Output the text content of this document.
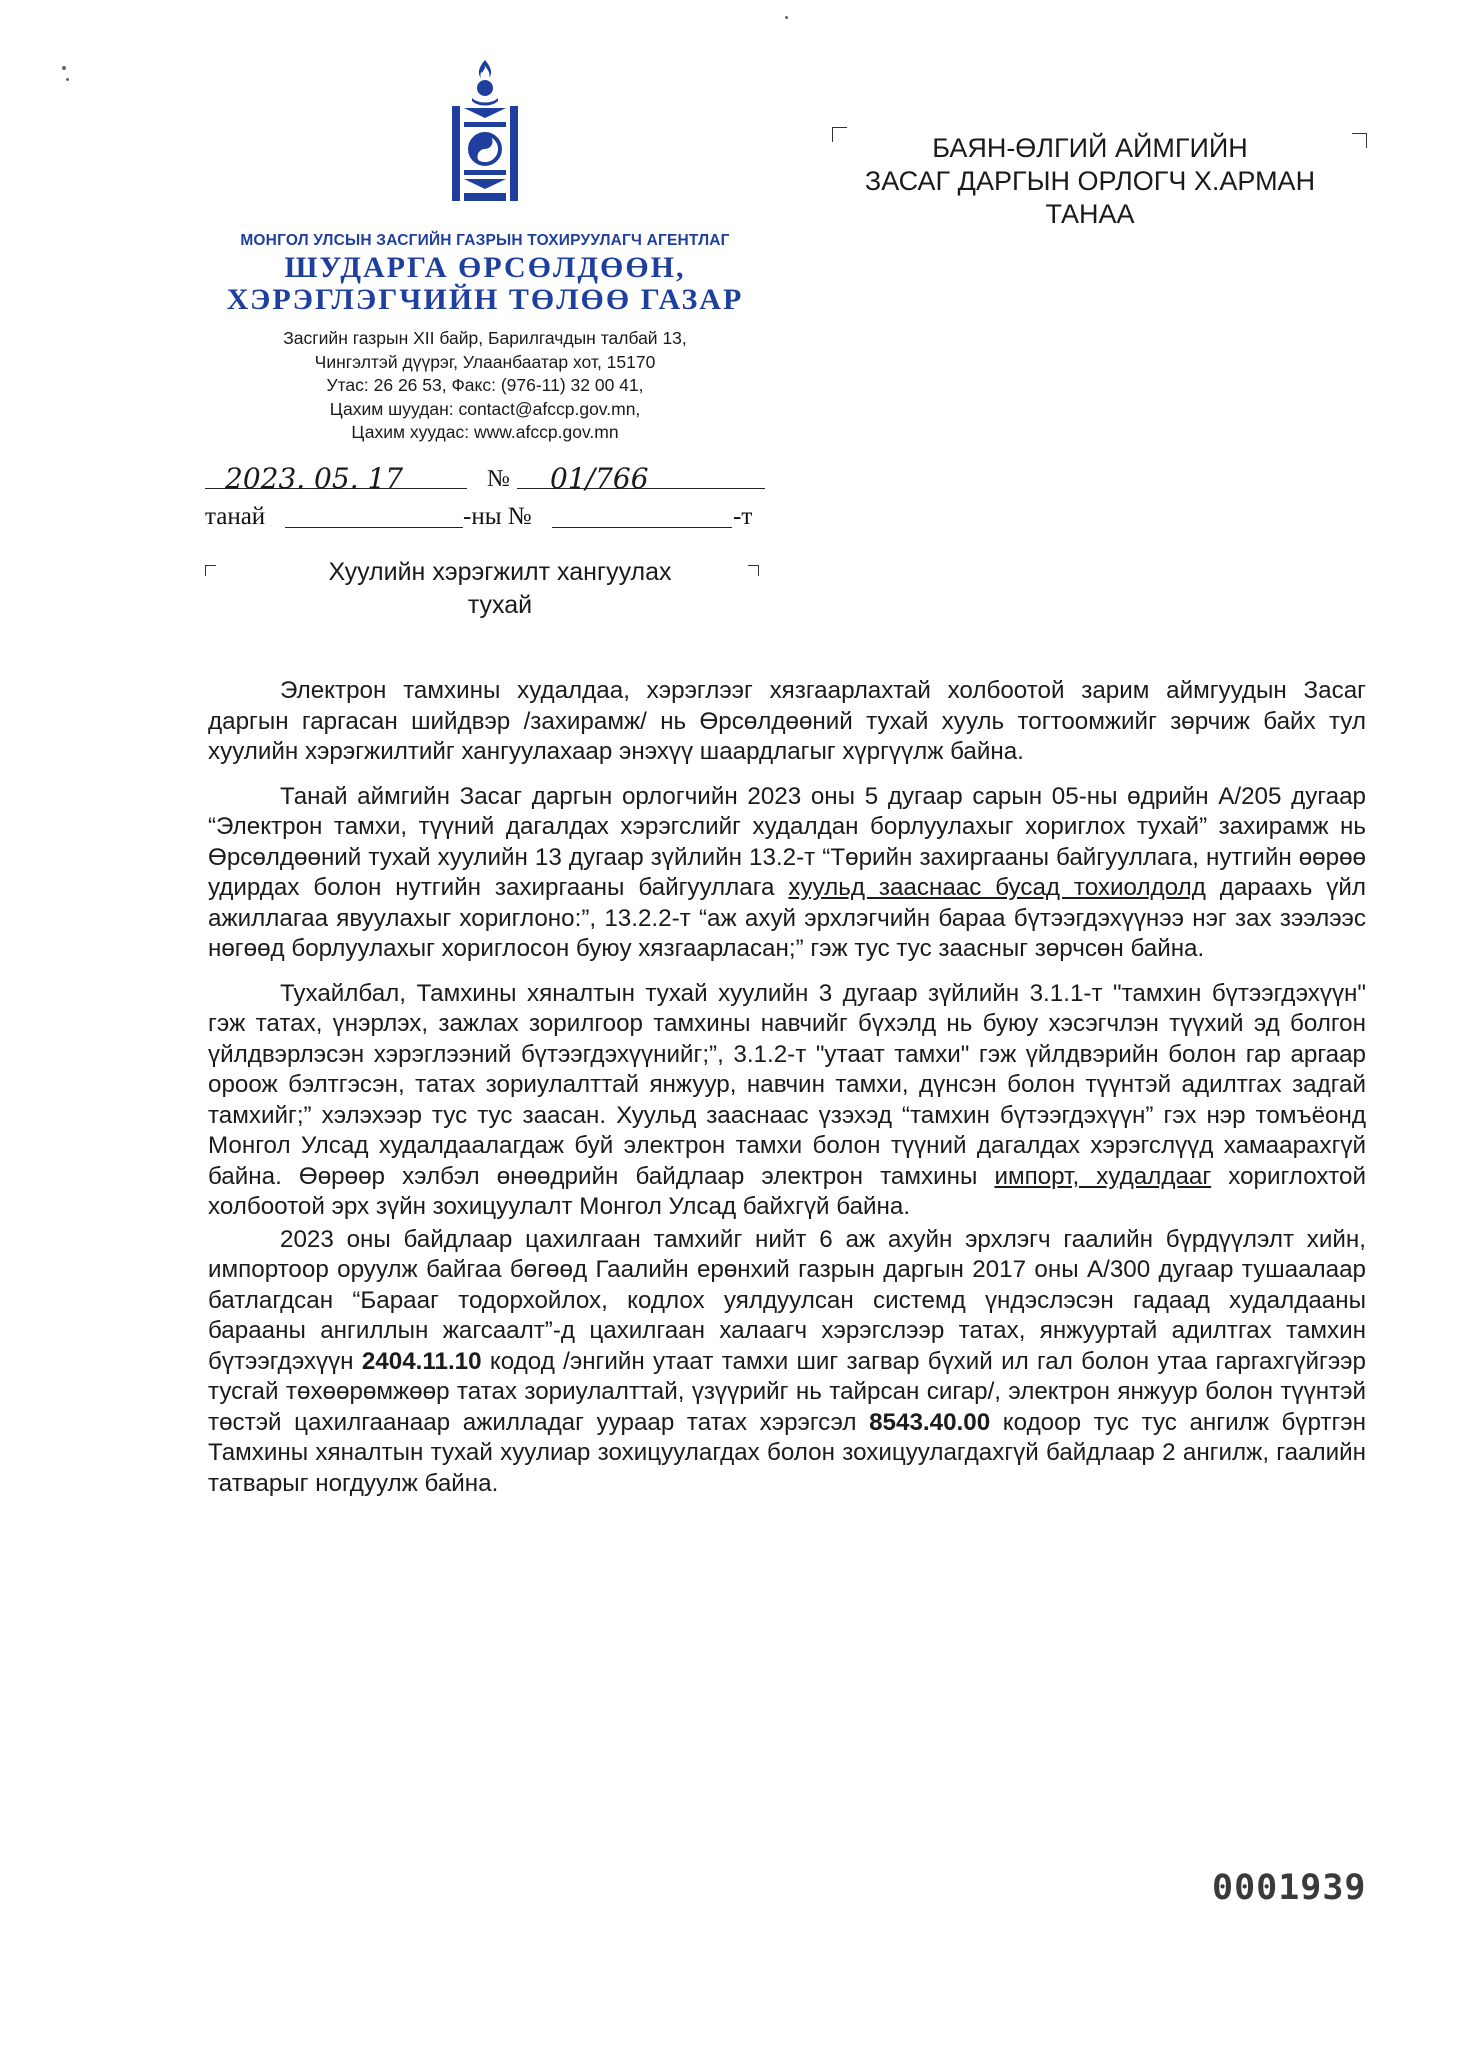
МОНГОЛ УЛСЫН ЗАСГИЙН ГАЗРЫН ТОХИРУУЛАГЧ АГЕНТЛАГ
ШУДАРГА ӨРСӨЛДӨӨН,
ХЭРЭГЛЭГЧИЙН ТӨЛӨӨ ГАЗАР
Засгийн газрын XII байр, Барилгачдын талбай 13,
Чингэлтэй дүүрэг, Улаанбаатар хот, 15170
Утас: 26 26 53, Факс: (976-11) 32 00 41,
Цахим шуудан: contact@afccp.gov.mn,
Цахим хуудас: www.afccp.gov.mn
БАЯН-ӨЛГИЙ АЙМГИЙН
ЗАСАГ ДАРГЫН ОРЛОГЧ Х.АРМАН
ТАНАА
2023. 05. 17	№ 01/766
танай	-ны №	-т
Хуулийн хэрэгжилт хангуулах
тухай

Электрон тамхины худалдаа, хэрэглээг хязгаарлахтай холбоотой зарим аймгуудын Засаг даргын гаргасан шийдвэр /захирамж/ нь Өрсөлдөөний тухай хууль тогтоомжийг зөрчиж байх тул хуулийн хэрэгжилтийг хангуулахаар энэхүү шаардлагыг хүргүүлж байна.

Танай аймгийн Засаг даргын орлогчийн 2023 оны 5 дугаар сарын 05-ны өдрийн А/205 дугаар “Электрон тамхи, түүний дагалдах хэрэгслийг худалдан борлуулахыг хориглох тухай” захирамж нь Өрсөлдөөний тухай хуулийн 13 дугаар зүйлийн 13.2-т “Төрийн захиргааны байгууллага, нутгийн өөрөө удирдах болон нутгийн захиргааны байгууллага хуульд зааснаас бусад тохиолдолд дараахь үйл ажиллагаа явуулахыг хориглоно:”, 13.2.2-т “аж ахуй эрхлэгчийн бараа бүтээгдэхүүнээ нэг зах зээлээс нөгөөд борлуулахыг хориглосон буюу хязгаарласан;” гэж тус тус заасныг зөрчсөн байна.

Тухайлбал, Тамхины хяналтын тухай хуулийн 3 дугаар зүйлийн 3.1.1-т "тамхин бүтээгдэхүүн" гэж татах, үнэрлэх, зажлах зорилгоор тамхины навчийг бүхэлд нь буюу хэсэгчлэн түүхий эд болгон үйлдвэрлэсэн хэрэглээний бүтээгдэхүүнийг;”, 3.1.2-т "утаат тамхи" гэж үйлдвэрийн болон гар аргаар ороож бэлтгэсэн, татах зориулалттай янжуур, навчин тамхи, дүнсэн болон түүнтэй адилтгах задгай тамхийг;” хэлэхээр тус тус заасан. Хуульд зааснаас үзэхэд “тамхин бүтээгдэхүүн” гэх нэр томъёонд Монгол Улсад худалдаалагдаж буй электрон тамхи болон түүний дагалдах хэрэгслүүд хамаарахгүй байна. Өөрөөр хэлбэл өнөөдрийн байдлаар электрон тамхины импорт, худалдааг хориглохтой холбоотой эрх зүйн зохицуулалт Монгол Улсад байхгүй байна.

2023 оны байдлаар цахилгаан тамхийг нийт 6 аж ахуйн эрхлэгч гаалийн бүрдүүлэлт хийн, импортоор оруулж байгаа бөгөөд Гаалийн ерөнхий газрын даргын 2017 оны А/300 дугаар тушаалаар батлагдсан “Барааг тодорхойлох, кодлох уялдуулсан системд үндэслэсэн гадаад худалдааны барааны ангиллын жагсаалт”-д цахилгаан халаагч хэрэгслээр татах, янжууртай адилтгах тамхин бүтээгдэхүүн 2404.11.10 кодод /энгийн утаат тамхи шиг загвар бүхий ил гал болон утаа гаргахгүйгээр тусгай төхөөрөмжөөр татах зориулалттай, үзүүрийг нь тайрсан сигар/, электрон янжуур болон түүнтэй төстэй цахилгаанаар ажилладаг уураар татах хэрэгсэл 8543.40.00 кодоор тус тус ангилж бүртгэн Тамхины хяналтын тухай хуулиар зохицуулагдах болон зохицуулагдахгүй байдлаар 2 ангилж, гаалийн татварыг ногдуулж байна.

0001939
